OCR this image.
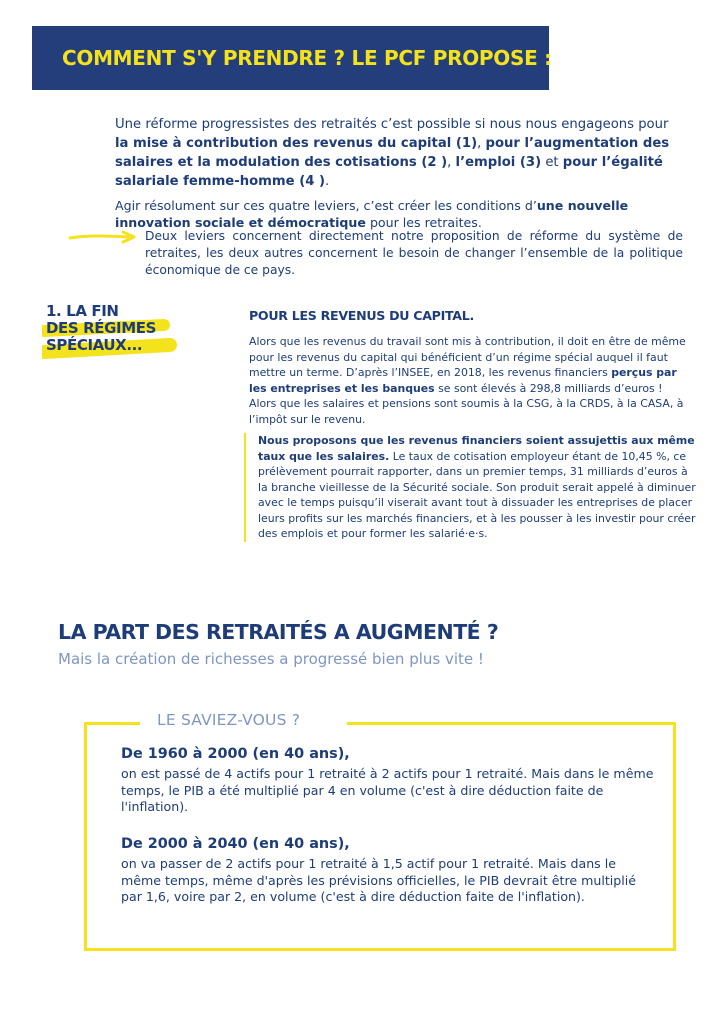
COMMENT S'Y PRENDRE ? LE PCF PROPOSE :

Une réforme progressistes des retraités c’est possible si nous nous engageons pour la mise à contribution des revenus du capital (1), pour l’augmentation des salaires et la modulation des cotisations (2 ), l’emploi (3) et pour l’égalité salariale femme-homme (4 ).

Agir résolument sur ces quatre leviers, c’est créer les conditions d’une nouvelle innovation sociale et démocratique pour les retraites.

Deux leviers concernent directement notre proposition de réforme du système de retraites, les deux autres concernent le besoin de changer l’ensemble de la politique économique de ce pays.
1. LA FIN
DES RÉGIMES
SPÉCIAUX...

POUR LES REVENUS DU CAPITAL.

Alors que les revenus du travail sont mis à contribution, il doit en être de même pour les revenus du capital qui bénéficient d’un régime spécial auquel il faut mettre un terme. D’après l’INSEE, en 2018, les revenus financiers perçus par les entreprises et les banques se sont élevés à 298,8 milliards d’euros ! Alors que les salaires et pensions sont soumis à la CSG, à la CRDS, à la CASA, à l’impôt sur le revenu.

Nous proposons que les revenus financiers soient assujettis aux même taux que les salaires. Le taux de cotisation employeur étant de 10,45 %, ce prélèvement pourrait rapporter, dans un premier temps, 31 milliards d’euros à la branche vieillesse de la Sécurité sociale. Son produit serait appelé à diminuer avec le temps puisqu’il viserait avant tout à dissuader les entreprises de placer leurs profits sur les marchés financiers, et à les pousser à les investir pour créer des emplois et pour former les salarié·e·s.
LA PART DES RETRAITÉS A AUGMENTÉ ?
Mais la création de richesses a progressé bien plus vite !
LE SAVIEZ-VOUS ?

De 1960 à 2000 (en 40 ans),

on est passé de 4 actifs pour 1 retraité à 2 actifs pour 1 retraité. Mais dans le même temps, le PIB a été multiplié par 4 en volume (c'est à dire déduction faite de l'inflation).

De 2000 à 2040 (en 40 ans),

on va passer de 2 actifs pour 1 retraité à 1,5 actif pour 1 retraité. Mais dans le même temps, même d'après les prévisions officielles, le PIB devrait être multiplié par 1,6, voire par 2, en volume (c'est à dire déduction faite de l'inflation).
